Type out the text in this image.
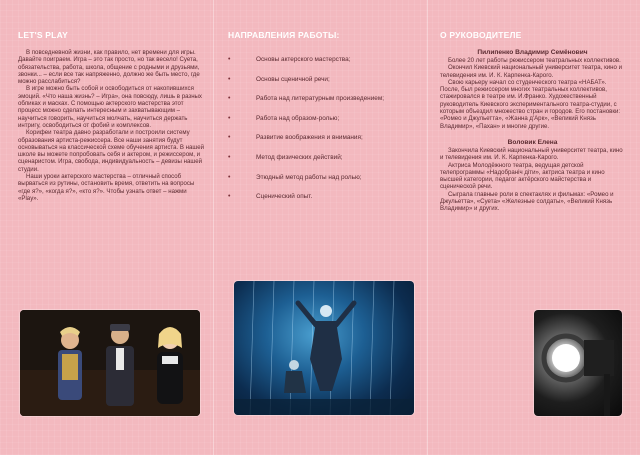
LET'S PLAY

В повседневной жизни, как правило, нет времени для игры. Давайте поиграем. Игра – это так просто, но так весело! Суета, обязательства, работа, школа, общение с родными и друзьями, звонки... – если все так напряженно, должно же быть место, где можно расслабиться?

В игре можно быть собой и освободиться от накопившихся эмоций. «Что наша жизнь? – Игра», она повсюду, лишь в разных обликах и масках. С помощью актерского мастерства этот процесс можно сделать интересным и захватывающим – научиться говорить, научиться молчать, научиться держать интригу, освободиться от фобий и комплексов.

Корифеи театра давно разработали и построили систему образования артиста-режиссера. Все наши занятия будут основываться на классической схеме обучения артиста. В нашей школе вы можете попробовать себя и актером, и режиссером, и сценаристом. Игра, свобода, индивидуальность – девизы нашей студии.

Наши уроки актерского мастерства – отличный способ вырваться из рутины, остановить время, ответить на вопросы «где я?», «когда я?», «кто я?». Чтобы узнать ответ – нажми «Play».

НАПРАВЛЕНИЯ РАБОТЫ:
•	Основы актерского мастерства;
•	Основы сценичной речи;
•	Работа над литературным произведением;
•	Работа над образом-ролью;
•	Развитие воображения и внимания;
•	Метод физических действий;
•	Этюдный метод работы над ролью;
•	Сценический опыт.
О РУКОВОДИТЕЛЕ

Пилипенко Владимир Семёнович

Более 20 лет работы режиссером театральных коллективов.

Окончил Киевский национальный университет театра, кино и телевидения им. И. К. Карпенка-Карого.

Свою карьеру начал со студенческого театра «НАБАТ». После, был режиссером многих театральных коллективов, стажировался в театре им. И.Франко. Художественный руководитель Киевского экспериментального театра-студии, с которым объездил множество стран и городов. Его постановки: «Ромео и Джульетта», «Жанна д'Арк», «Великий Князь Владимир», «Пахан» и многие другие.

Воловик Елена

Закончила Киевский национальный университет театра, кино и телевидения им. И. К. Карпенка-Карого.

Актриса Молодёжного театра, ведущая детской телепрограммы «Надобраніч діти», актриса театра и кино высшей категории, педагог актёрского майстерства и сценической речи.

Сыграла главные роли в спектаклях и фильмах: «Ромео и Джульетта», «Суета» «Железные солдаты», «Великий Князь Владимир» и других.
